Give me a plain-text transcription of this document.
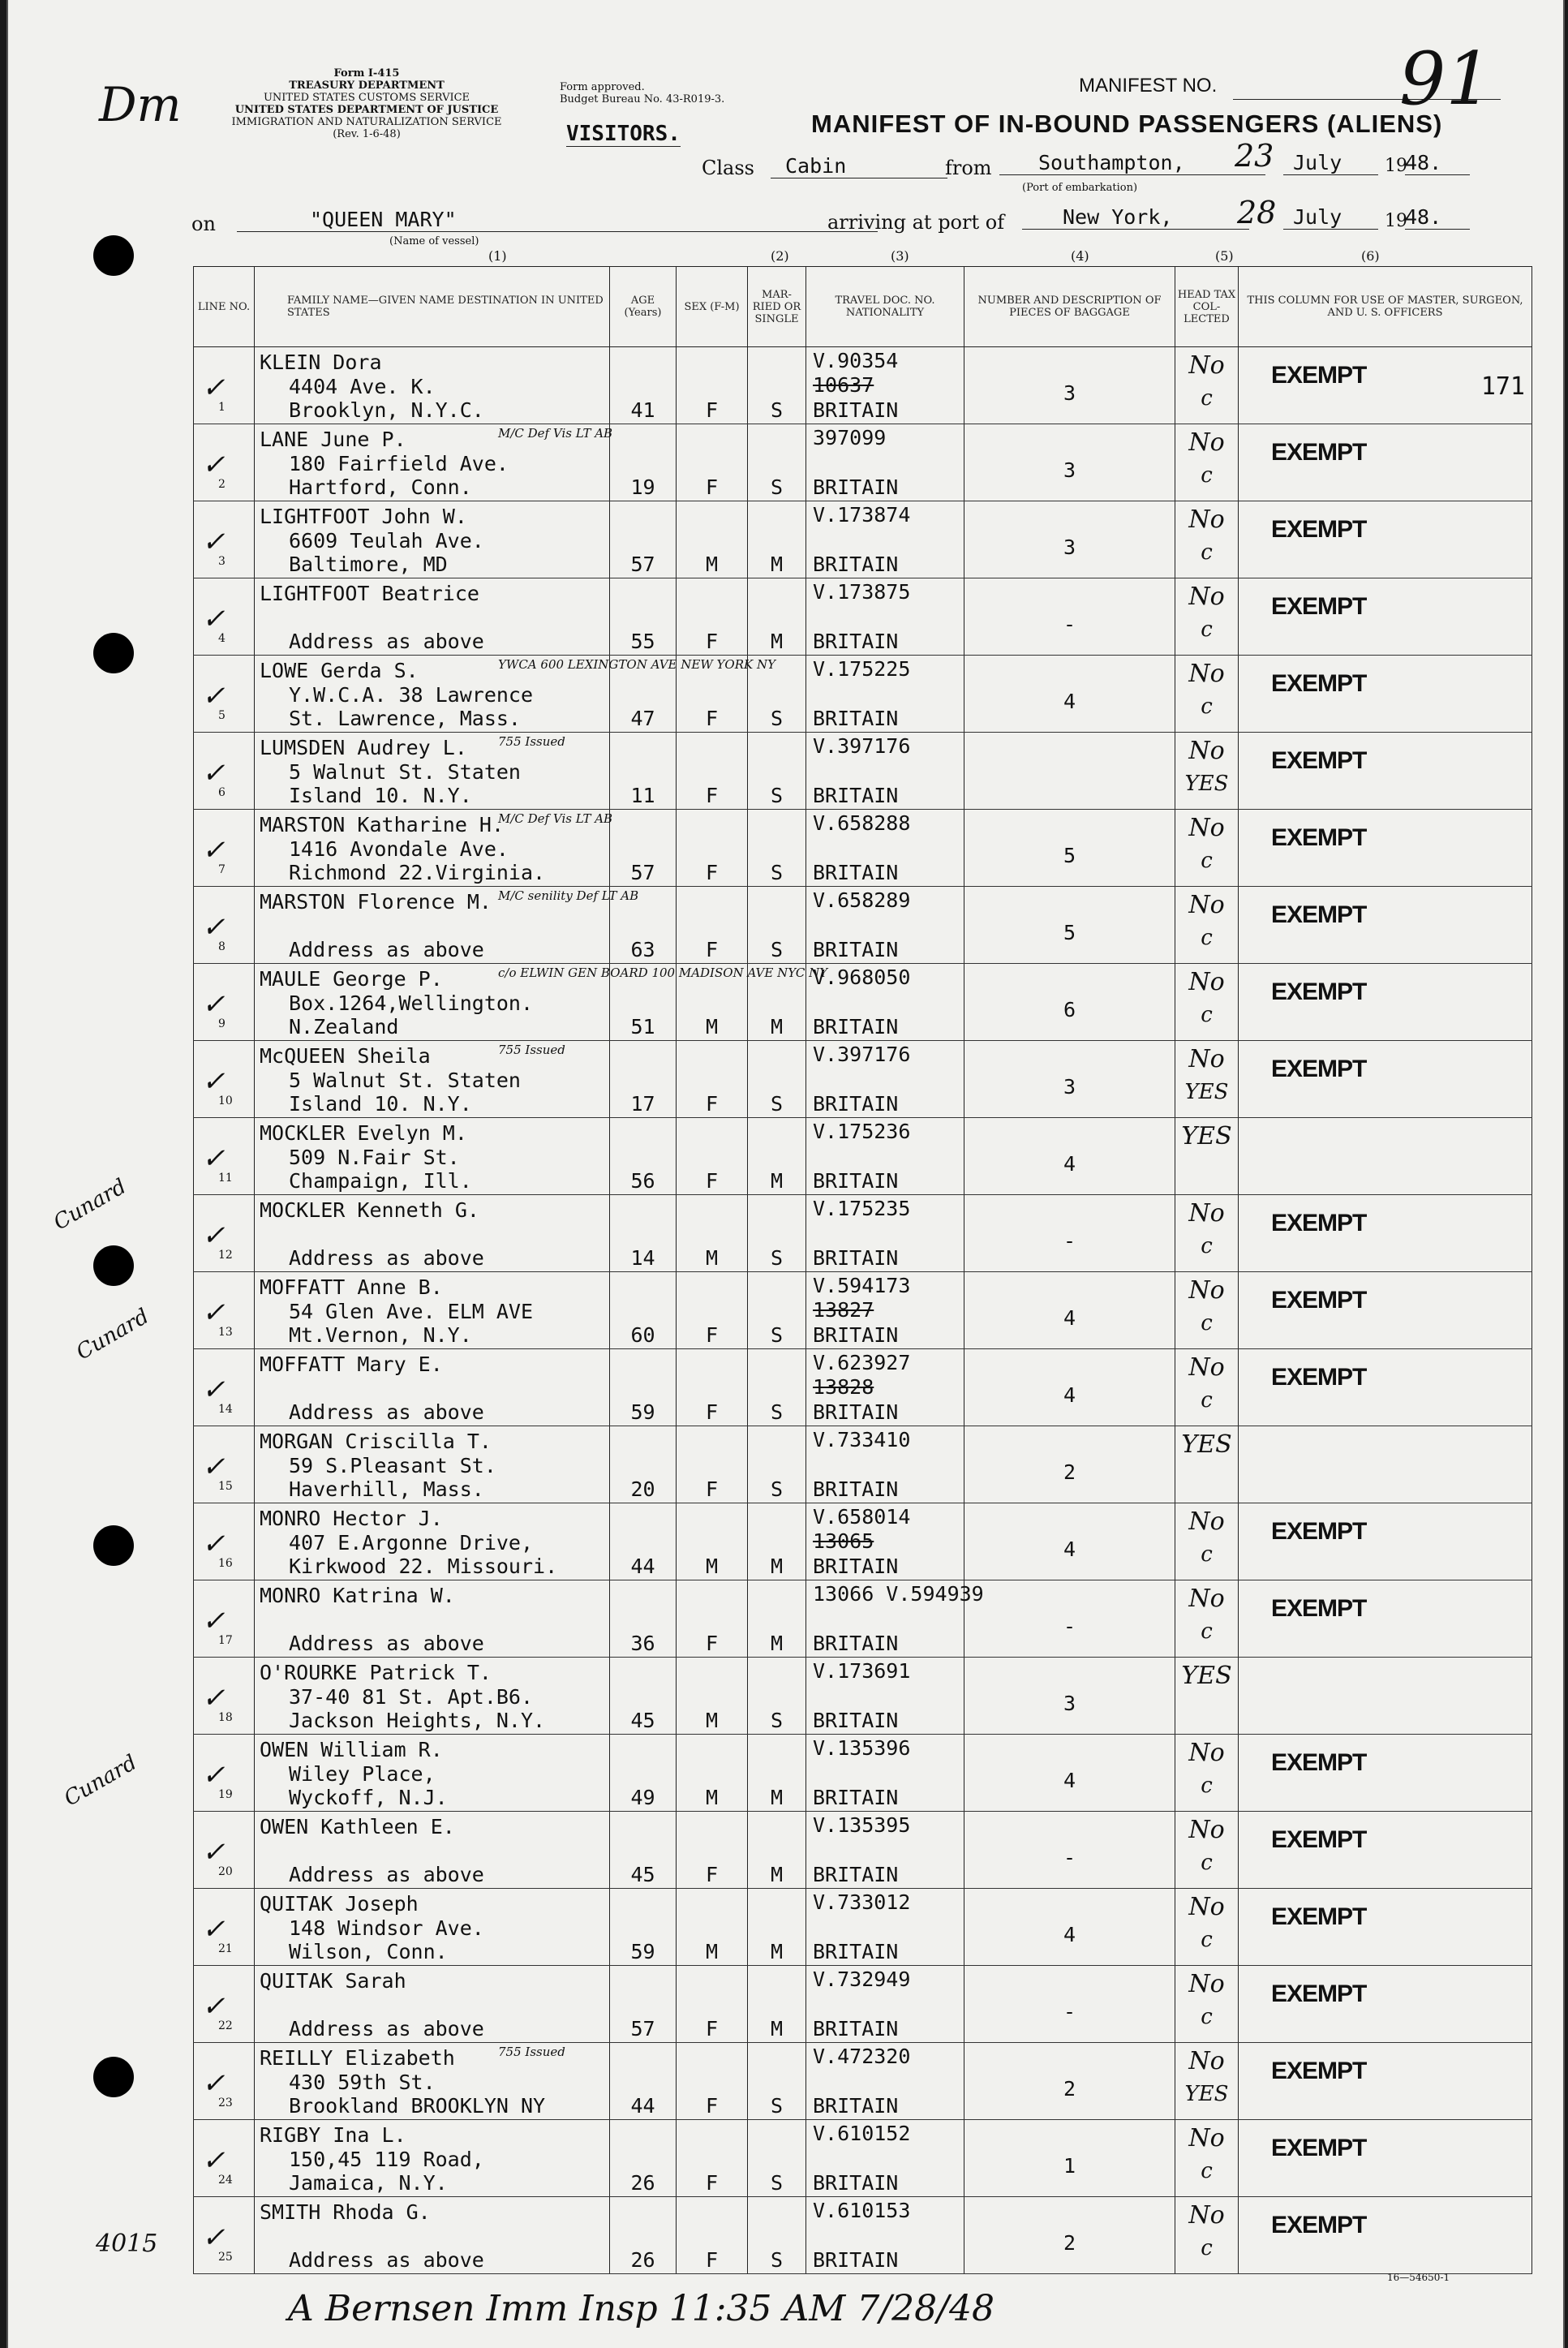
Dm
Form I-415
TREASURY DEPARTMENT
UNITED STATES CUSTOMS SERVICE
UNITED STATES DEPARTMENT OF JUSTICE
IMMIGRATION AND NATURALIZATION SERVICE
(Rev. 1-6-48)
Form approved.
Budget Bureau No. 43-R019-3.
VISITORS.
MANIFEST NO. 91
MANIFEST OF IN-BOUND PASSENGERS (ALIENS)
Class	Cabin	from	Southampton,	23 July	19
48.
(Port of embarkation)
on	"QUEEN MARY"
(Name of vessel)
arriving at port of	New York,	28 July	19
48.
(1)	(2)	(3)	(4)	(5)	(6)
LINE NO.	FAMILY NAME—GIVEN NAME DESTINATION IN UNITED STATES	AGE (Years)	SEX (F-M)	MAR-RIED OR SINGLE	TRAVEL DOC. NO. NATIONALITY	NUMBER AND DESCRIPTION OF PIECES OF BAGGAGE	HEAD TAX COL-LECTED	THIS COLUMN FOR USE OF MASTER, SURGEON, AND U. S. OFFICERS

✓
1	KLEIN Dora
4404 Ave. K.
Brooklyn, N.Y.C.	41	F	S	V.90354
10637
BRITAIN	3	No
c	EXEMPT 171

✓
2	LANE June P.
180 Fairfield Ave.
Hartford, Conn.
M/C Def Vis LT AB	19	F	S	397099
BRITAIN	3	No
c	EXEMPT

✓
3	LIGHTFOOT John W.
6609 Teulah Ave.
Baltimore, MD	57	M	M	V.173874
BRITAIN	3	No
c	EXEMPT

✓
4	LIGHTFOOT Beatrice
Address as above	55	F	M	V.173875
BRITAIN	-	No
c	EXEMPT

✓
5	LOWE Gerda S.
Y.W.C.A. 38 Lawrence
St. Lawrence, Mass.
YWCA 600 LEXINGTON AVE NEW YORK NY	47	F	S	V.175225
BRITAIN	4	No
c	EXEMPT

✓
6	LUMSDEN Audrey L.
5 Walnut St. Staten
Island 10. N.Y.
755 Issued	11	F	S	V.397176
BRITAIN		No
YES	EXEMPT

✓
7	MARSTON Katharine H.
1416 Avondale Ave.
Richmond 22.Virginia.
M/C Def Vis LT AB	57	F	S	V.658288
BRITAIN	5	No
c	EXEMPT

✓
8	MARSTON Florence M.
Address as above
M/C senility Def LT AB	63	F	S	V.658289
BRITAIN	5	No
c	EXEMPT

✓
9	MAULE George P.
Box.1264,Wellington.
N.Zealand
c/o ELWIN GEN BOARD 100 MADISON AVE NYC NY	51	M	M	V.968050
BRITAIN	6	No
c	EXEMPT

✓
10	McQUEEN Sheila
5 Walnut St. Staten
Island 10. N.Y.
755 Issued	17	F	S	V.397176
BRITAIN	3	No
YES	EXEMPT

✓
11	MOCKLER Evelyn M.
509 N.Fair St.
Champaign, Ill.	56	F	M	V.175236
BRITAIN	4	YES	

✓
12	MOCKLER Kenneth G.
Address as above	14	M	S	V.175235
BRITAIN	-	No
c	EXEMPT

✓
13	MOFFATT Anne B.
54 Glen Ave. ELM AVE
Mt.Vernon, N.Y.	60	F	S	V.594173
13827
BRITAIN	4	No
c	EXEMPT

✓
14	MOFFATT Mary E.
Address as above	59	F	S	V.623927
13828
BRITAIN	4	No
c	EXEMPT

✓
15	MORGAN Criscilla T.
59 S.Pleasant St.
Haverhill, Mass.	20	F	S	V.733410
BRITAIN	2	YES	

✓
16	MONRO Hector J.
407 E.Argonne Drive,
Kirkwood 22. Missouri.	44	M	M	V.658014
13065
BRITAIN	4	No
c	EXEMPT

✓
17	MONRO Katrina W.
Address as above	36	F	M	13066 V.594939
BRITAIN	-	No
c	EXEMPT

✓
18	O'ROURKE Patrick T.
37-40 81 St. Apt.B6.
Jackson Heights, N.Y.	45	M	S	V.173691
BRITAIN	3	YES	

✓
19	OWEN William R.
Wiley Place,
Wyckoff, N.J.	49	M	M	V.135396
BRITAIN	4	No
c	EXEMPT

✓
20	OWEN Kathleen E.
Address as above	45	F	M	V.135395
BRITAIN	-	No
c	EXEMPT

✓
21	QUITAK Joseph
148 Windsor Ave.
Wilson, Conn.	59	M	M	V.733012
BRITAIN	4	No
c	EXEMPT

✓
22	QUITAK Sarah
Address as above	57	F	M	V.732949
BRITAIN	-	No
c	EXEMPT

✓
23	REILLY Elizabeth
430 59th St.
Brookland BROOKLYN NY
755 Issued	44	F	S	V.472320
BRITAIN	2	No
YES	EXEMPT

✓
24	RIGBY Ina L.
150,45 119 Road,
Jamaica, N.Y.	26	F	S	V.610152
BRITAIN	1	No
c	EXEMPT

✓
25	SMITH Rhoda G.
Address as above	26	F	S	V.610153
BRITAIN	2	No
c	EXEMPT
Cunard
Cunard
Cunard
A Bernsen Imm Insp 11:35 AM 7/28/48
16—54650-1
4015
